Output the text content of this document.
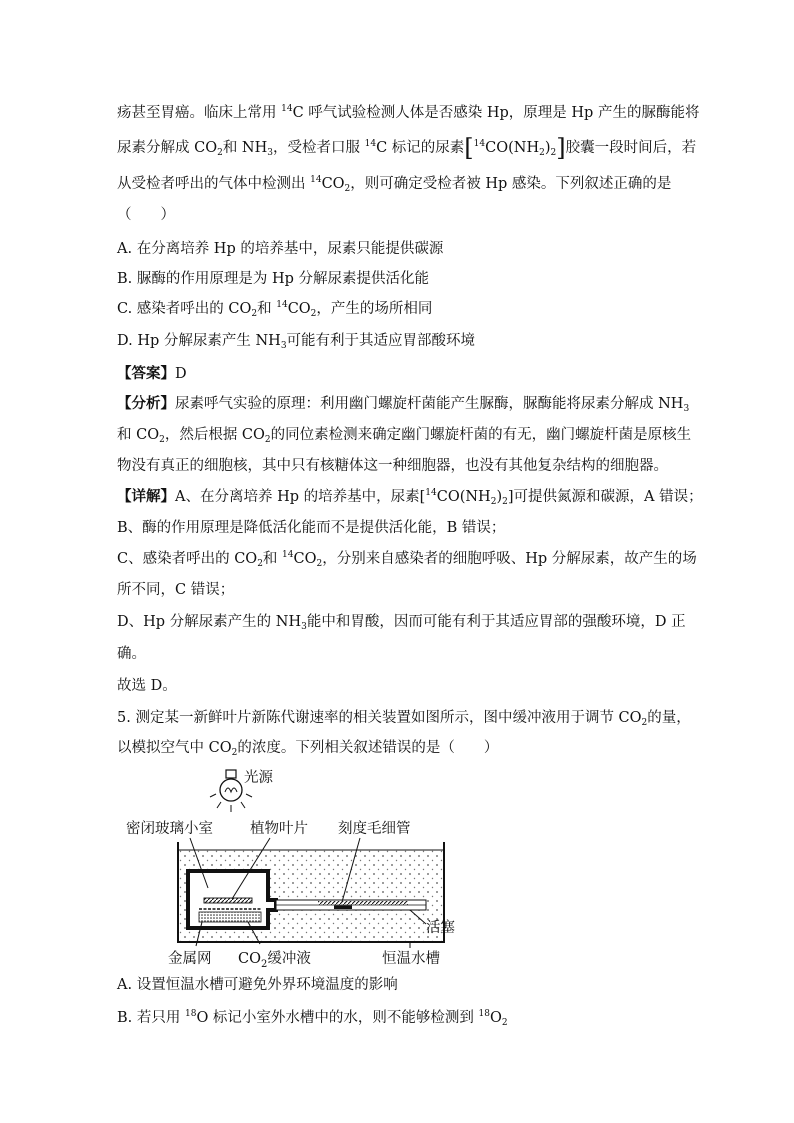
疡甚至胃癌。临床上常用 $^{14}$C 呼气试验检测人体是否感染 Hp，原理是 Hp 产生的脲酶能将
尿素分解成 $CO_2$和 $NH_3$，受检者口服 $^{14}$C 标记的尿素$[^{14}CO(NH_2)_2]$胶囊一段时间后，若
从受检者呼出的气体中检测出 $^{14}CO_2$，则可确定受检者被 Hp 感染。下列叙述正确的是
（　　）
A. 在分离培养 Hp 的培养基中，尿素只能提供碳源
B. 脲酶的作用原理是为 Hp 分解尿素提供活化能
C. 感染者呼出的 $CO_2$和 $^{14}CO_2$，产生的场所相同
D. Hp 分解尿素产生 $NH_3$可能有利于其适应胃部酸环境
【答案】D
【分析】尿素呼气实验的原理：利用幽门螺旋杆菌能产生脲酶，脲酶能将尿素分解成 $NH_3$
和 $CO_2$，然后根据 $CO_2$的同位素检测来确定幽门螺旋杆菌的有无，幽门螺旋杆菌是原核生
物没有真正的细胞核，其中只有核糖体这一种细胞器，也没有其他复杂结构的细胞器。
【详解】A、在分离培养 Hp 的培养基中，尿素$[^{14}CO(NH_2)_2]$可提供氮源和碳源，A 错误；
B、酶的作用原理是降低活化能而不是提供活化能，B 错误；
C、感染者呼出的 $CO_2$和 $^{14}CO_2$，分别来自感染者的细胞呼吸、Hp 分解尿素，故产生的场
所不同，C 错误；
D、Hp 分解尿素产生的 $NH_3$能中和胃酸，因而可能有利于其适应胃部的强酸环境，D 正
确。
故选 D。
5. 测定某一新鲜叶片新陈代谢速率的相关装置如图所示，图中缓冲液用于调节 $CO_2$的量，
以模拟空气中 $CO_2$的浓度。下列相关叙述错误的是（　　）
光源
密闭玻璃小室	植物叶片 刻度毛细管
活塞
金属网 $CO_2$缓冲液	恒温水槽
A. 设置恒温水槽可避免外界环境温度的影响
B. 若只用 $^{18}$O 标记小室外水槽中的水，则不能够检测到 $^{18}O_2$
